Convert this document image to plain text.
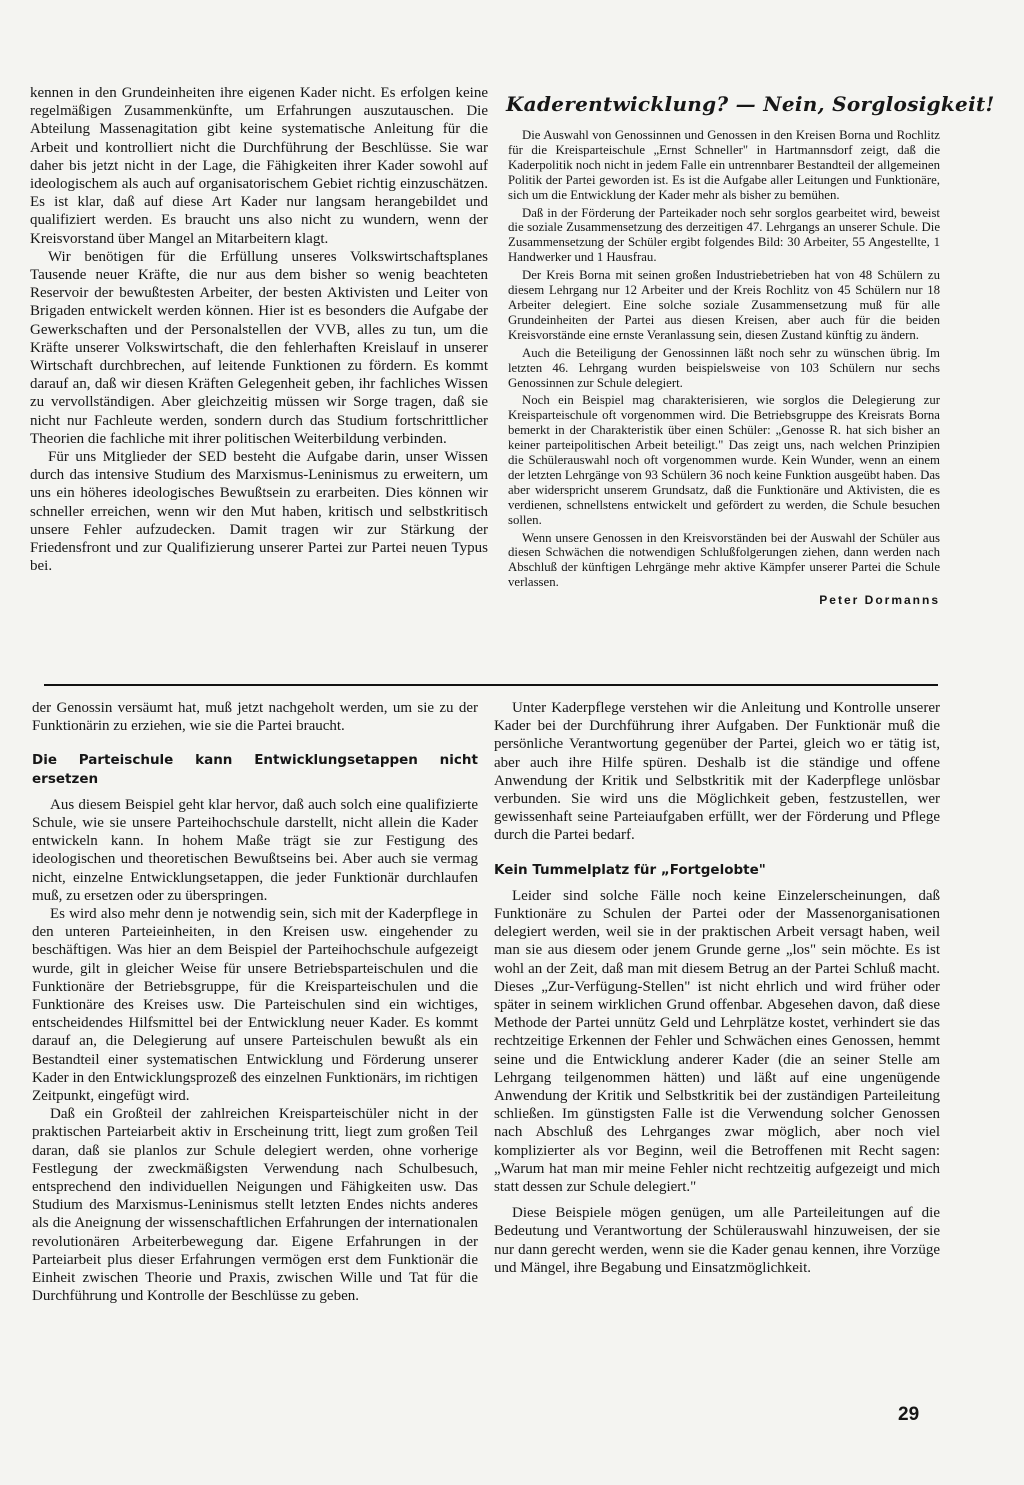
kennen in den Grundeinheiten ihre eigenen Kader nicht. Es erfolgen keine regelmäßigen Zusammenkünfte, um Erfahrungen auszutauschen. Die Abteilung Massenagitation gibt keine systematische Anleitung für die Arbeit und kontrolliert nicht die Durchführung der Beschlüsse. Sie war daher bis jetzt nicht in der Lage, die Fähigkeiten ihrer Kader sowohl auf ideologischem als auch auf organisatorischem Gebiet richtig einzuschätzen. Es ist klar, daß auf diese Art Kader nur langsam herangebildet und qualifiziert werden. Es braucht uns also nicht zu wundern, wenn der Kreisvorstand über Mangel an Mitarbeitern klagt.

Wir benötigen für die Erfüllung unseres Volkswirtschaftsplanes Tausende neuer Kräfte, die nur aus dem bisher so wenig beachteten Reservoir der bewußtesten Arbeiter, der besten Aktivisten und Leiter von Brigaden entwickelt werden können. Hier ist es besonders die Aufgabe der Gewerkschaften und der Personalstellen der VVB, alles zu tun, um die Kräfte unserer Volkswirtschaft, die den fehlerhaften Kreislauf in unserer Wirtschaft durchbrechen, auf leitende Funktionen zu fördern. Es kommt darauf an, daß wir diesen Kräften Gelegenheit geben, ihr fachliches Wissen zu vervollständigen. Aber gleichzeitig müssen wir Sorge tragen, daß sie nicht nur Fachleute werden, sondern durch das Studium fortschrittlicher Theorien die fachliche mit ihrer politischen Weiterbildung verbinden.

Für uns Mitglieder der SED besteht die Aufgabe darin, unser Wissen durch das intensive Studium des Marxismus-Leninismus zu erweitern, um uns ein höheres ideologisches Bewußtsein zu erarbeiten. Dies können wir schneller erreichen, wenn wir den Mut haben, kritisch und selbstkritisch unsere Fehler aufzudecken. Damit tragen wir zur Stärkung der Friedensfront und zur Qualifizierung unserer Partei zur Partei neuen Typus bei.

Kaderentwicklung? — Nein, Sorglosigkeit!

Die Auswahl von Genossinnen und Genossen in den Kreisen Borna und Rochlitz für die Kreisparteischule „Ernst Schneller" in Hartmannsdorf zeigt, daß die Kaderpolitik noch nicht in jedem Falle ein untrennbarer Bestandteil der allgemeinen Politik der Partei geworden ist. Es ist die Aufgabe aller Leitungen und Funktionäre, sich um die Entwicklung der Kader mehr als bisher zu bemühen.

Daß in der Förderung der Parteikader noch sehr sorglos gearbeitet wird, beweist die soziale Zusammensetzung des derzeitigen 47. Lehrgangs an unserer Schule. Die Zusammensetzung der Schüler ergibt folgendes Bild: 30 Arbeiter, 55 Angestellte, 1 Handwerker und 1 Hausfrau.

Der Kreis Borna mit seinen großen Industriebetrieben hat von 48 Schülern zu diesem Lehrgang nur 12 Arbeiter und der Kreis Rochlitz von 45 Schülern nur 18 Arbeiter delegiert. Eine solche soziale Zusammensetzung muß für alle Grundeinheiten der Partei aus diesen Kreisen, aber auch für die beiden Kreisvorstände eine ernste Veranlassung sein, diesen Zustand künftig zu ändern.

Auch die Beteiligung der Genossinnen läßt noch sehr zu wünschen übrig. Im letzten 46. Lehrgang wurden beispielsweise von 103 Schülern nur sechs Genossinnen zur Schule delegiert.

Noch ein Beispiel mag charakterisieren, wie sorglos die Delegierung zur Kreisparteischule oft vorgenommen wird. Die Betriebsgruppe des Kreisrats Borna bemerkt in der Charakteristik über einen Schüler: „Genosse R. hat sich bisher an keiner parteipolitischen Arbeit beteiligt." Das zeigt uns, nach welchen Prinzipien die Schülerauswahl noch oft vorgenommen wurde. Kein Wunder, wenn an einem der letzten Lehrgänge von 93 Schülern 36 noch keine Funktion ausgeübt haben. Das aber widerspricht unserem Grundsatz, daß die Funktionäre und Aktivisten, die es verdienen, schnellstens entwickelt und gefördert zu werden, die Schule besuchen sollen.

Wenn unsere Genossen in den Kreisvorständen bei der Auswahl der Schüler aus diesen Schwächen die notwendigen Schlußfolgerungen ziehen, dann werden nach Abschluß der künftigen Lehrgänge mehr aktive Kämpfer unserer Partei die Schule verlassen.

Peter Dormanns

der Genossin versäumt hat, muß jetzt nachgeholt werden, um sie zu der Funktionärin zu erziehen, wie sie die Partei braucht.

Die Parteischule kann Entwicklungsetappen nicht ersetzen

Aus diesem Beispiel geht klar hervor, daß auch solch eine qualifizierte Schule, wie sie unsere Parteihochschule darstellt, nicht allein die Kader entwickeln kann. In hohem Maße trägt sie zur Festigung des ideologischen und theoretischen Bewußtseins bei. Aber auch sie vermag nicht, einzelne Entwicklungsetappen, die jeder Funktionär durchlaufen muß, zu ersetzen oder zu überspringen.

Es wird also mehr denn je notwendig sein, sich mit der Kaderpflege in den unteren Parteieinheiten, in den Kreisen usw. eingehender zu beschäftigen. Was hier an dem Beispiel der Parteihochschule aufgezeigt wurde, gilt in gleicher Weise für unsere Betriebsparteischulen und die Funktionäre der Betriebsgruppe, für die Kreisparteischulen und die Funktionäre des Kreises usw. Die Parteischulen sind ein wichtiges, entscheidendes Hilfsmittel bei der Entwicklung neuer Kader. Es kommt darauf an, die Delegierung auf unsere Parteischulen bewußt als ein Bestandteil einer systematischen Entwicklung und Förderung unserer Kader in den Entwicklungsprozeß des einzelnen Funktionärs, im richtigen Zeitpunkt, eingefügt wird.

Daß ein Großteil der zahlreichen Kreisparteischüler nicht in der praktischen Parteiarbeit aktiv in Erscheinung tritt, liegt zum großen Teil daran, daß sie planlos zur Schule delegiert werden, ohne vorherige Festlegung der zweckmäßigsten Verwendung nach Schulbesuch, entsprechend den individuellen Neigungen und Fähigkeiten usw. Das Studium des Marxismus-Leninismus stellt letzten Endes nichts anderes als die Aneignung der wissenschaftlichen Erfahrungen der internationalen revolutionären Arbeiterbewegung dar. Eigene Erfahrungen in der Parteiarbeit plus dieser Erfahrungen vermögen erst dem Funktionär die Einheit zwischen Theorie und Praxis, zwischen Wille und Tat für die Durchführung und Kontrolle der Beschlüsse zu geben.

Unter Kaderpflege verstehen wir die Anleitung und Kontrolle unserer Kader bei der Durchführung ihrer Aufgaben. Der Funktionär muß die persönliche Verantwortung gegenüber der Partei, gleich wo er tätig ist, aber auch ihre Hilfe spüren. Deshalb ist die ständige und offene Anwendung der Kritik und Selbstkritik mit der Kaderpflege unlösbar verbunden. Sie wird uns die Möglichkeit geben, festzustellen, wer gewissenhaft seine Parteiaufgaben erfüllt, wer der Förderung und Pflege durch die Partei bedarf.

Kein Tummelplatz für „Fortgelobte"

Leider sind solche Fälle noch keine Einzelerscheinungen, daß Funktionäre zu Schulen der Partei oder der Massenorganisationen delegiert werden, weil sie in der praktischen Arbeit versagt haben, weil man sie aus diesem oder jenem Grunde gerne „los" sein möchte. Es ist wohl an der Zeit, daß man mit diesem Betrug an der Partei Schluß macht. Dieses „Zur-Verfügung-Stellen" ist nicht ehrlich und wird früher oder später in seinem wirklichen Grund offenbar. Abgesehen davon, daß diese Methode der Partei unnütz Geld und Lehrplätze kostet, verhindert sie das rechtzeitige Erkennen der Fehler und Schwächen eines Genossen, hemmt seine und die Entwicklung anderer Kader (die an seiner Stelle am Lehrgang teilgenommen hätten) und läßt auf eine ungenügende Anwendung der Kritik und Selbstkritik bei der zuständigen Parteileitung schließen. Im günstigsten Falle ist die Verwendung solcher Genossen nach Abschluß des Lehrganges zwar möglich, aber noch viel komplizierter als vor Beginn, weil die Betroffenen mit Recht sagen: „Warum hat man mir meine Fehler nicht rechtzeitig aufgezeigt und mich statt dessen zur Schule delegiert."

Diese Beispiele mögen genügen, um alle Parteileitungen auf die Bedeutung und Verantwortung der Schülerauswahl hinzuweisen, der sie nur dann gerecht werden, wenn sie die Kader genau kennen, ihre Vorzüge und Mängel, ihre Begabung und Einsatzmöglichkeit.

29
